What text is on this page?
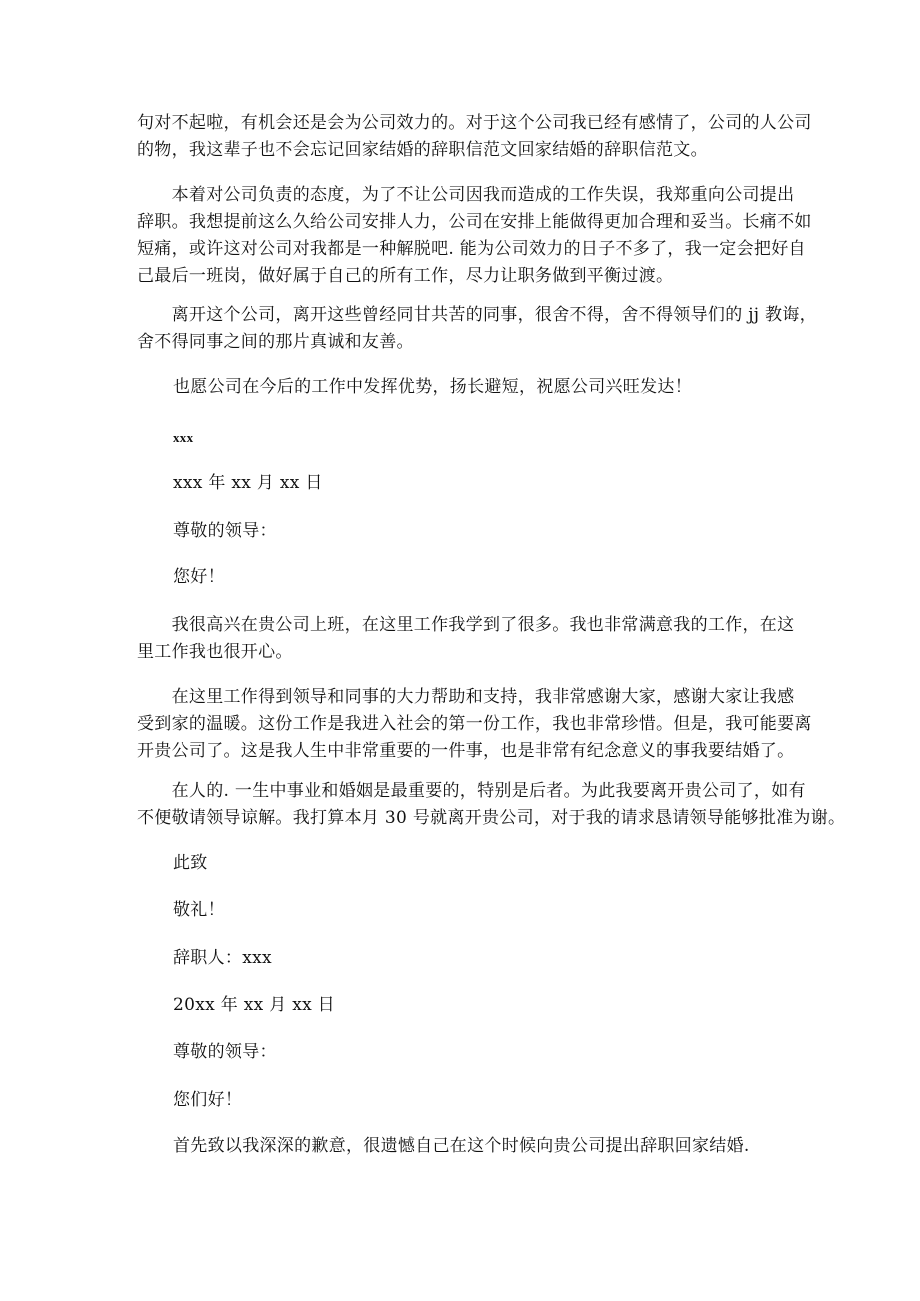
句对不起啦，有机会还是会为公司效力的。对于这个公司我已经有感情了，公司的人公司
的物，我这辈子也不会忘记回家结婚的辞职信范文回家结婚的辞职信范文。
　　本着对公司负责的态度，为了不让公司因我而造成的工作失误，我郑重向公司提出
辞职。我想提前这么久给公司安排人力，公司在安排上能做得更加合理和妥当。长痛不如
短痛，或许这对公司对我都是一种解脱吧. 能为公司效力的日子不多了，我一定会把好自
己最后一班岗，做好属于自己的所有工作，尽力让职务做到平衡过渡。
　　离开这个公司，离开这些曾经同甘共苦的同事，很舍不得，舍不得领导们的 jj 教诲，
舍不得同事之间的那片真诚和友善。

也愿公司在今后的工作中发挥优势，扬长避短，祝愿公司兴旺发达！

xxx

xxx 年 xx 月 xx 日

尊敬的领导：

您好！

　　我很高兴在贵公司上班，在这里工作我学到了很多。我也非常满意我的工作，在这
里工作我也很开心。
　　在这里工作得到领导和同事的大力帮助和支持，我非常感谢大家，感谢大家让我感
受到家的温暖。这份工作是我进入社会的第一份工作，我也非常珍惜。但是，我可能要离
开贵公司了。这是我人生中非常重要的一件事，也是非常有纪念意义的事我要结婚了。
　　在人的. 一生中事业和婚姻是最重要的，特别是后者。为此我要离开贵公司了，如有
不便敬请领导谅解。我打算本月 30 号就离开贵公司，对于我的请求恳请领导能够批准为谢。

此致

敬礼！

辞职人：xxx

20xx 年 xx 月 xx 日

尊敬的领导：

您们好！

首先致以我深深的歉意，很遗憾自己在这个时候向贵公司提出辞职回家结婚.
